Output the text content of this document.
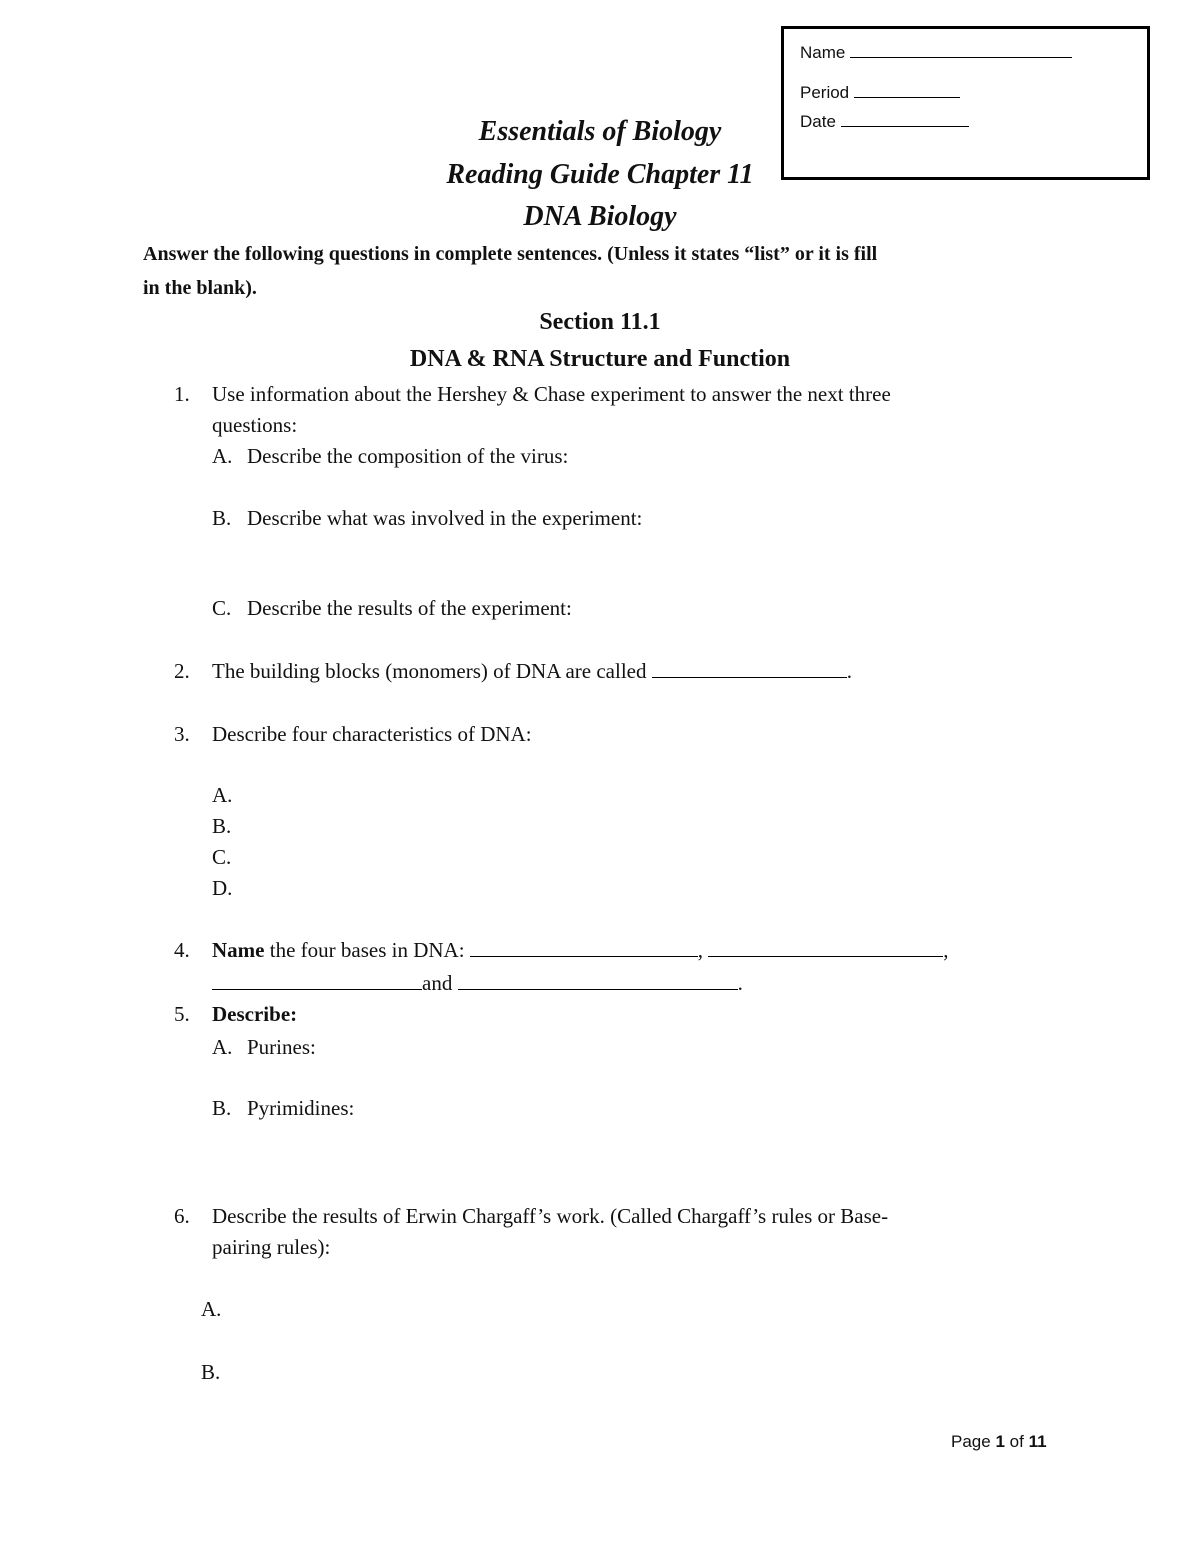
Name
Period
Date
Essentials of Biology
Reading Guide Chapter 11
DNA Biology
Answer the following questions in complete sentences. (Unless it states “list” or it is fill
in the blank).
Section 11.1
DNA & RNA Structure and Function
1.	Use information about the Hershey & Chase experiment to answer the next three
questions:
A. Describe the composition of the virus:
B. Describe what was involved in the experiment:
C. Describe the results of the experiment:
2.	The building blocks (monomers) of DNA are called	.
3.	Describe four characteristics of DNA:
A.
B.
C.
D.
4.	Name the four bases in DNA:	,	,
and	.
5.	Describe:
A. Purines:
B. Pyrimidines:
6.	Describe the results of Erwin Chargaff’s work. (Called Chargaff’s rules or Base-
pairing rules):
A.
B.
Page 1 of 11
